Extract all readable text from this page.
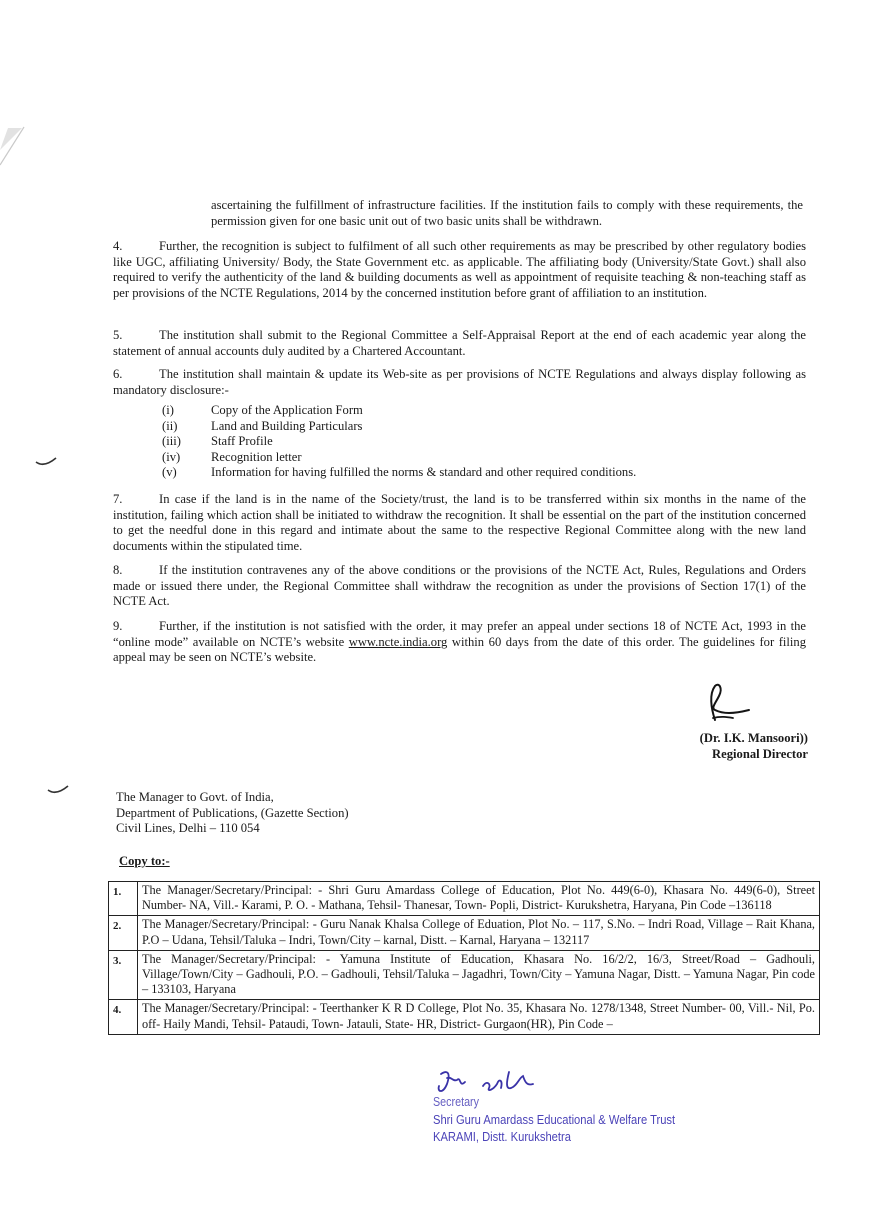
ascertaining the fulfillment of infrastructure facilities. If the institution fails to comply with these requirements, the permission given for one basic unit out of two basic units shall be withdrawn.
4.	Further, the recognition is subject to fulfilment of all such other requirements as may be prescribed by other regulatory bodies like UGC, affiliating University/ Body, the State Government etc. as applicable. The affiliating body (University/State Govt.) shall also required to verify the authenticity of the land & building documents as well as appointment of requisite teaching & non-teaching staff as per provisions of the NCTE Regulations, 2014 by the concerned institution before grant of affiliation to an institution.
5.	The institution shall submit to the Regional Committee a Self-Appraisal Report at the end of each academic year along the statement of annual accounts duly audited by a Chartered Accountant.
6.	The institution shall maintain & update its Web-site as per provisions of NCTE Regulations and always display following as mandatory disclosure:-
(i)	Copy of the Application Form
(ii)	Land and Building Particulars
(iii)	Staff Profile
(iv)	Recognition letter
(v)	Information for having fulfilled the norms & standard and other required conditions.
7.	In case if the land is in the name of the Society/trust, the land is to be transferred within six months in the name of the institution, failing which action shall be initiated to withdraw the recognition. It shall be essential on the part of the institution concerned to get the needful done in this regard and intimate about the same to the respective Regional Committee along with the new land documents within the stipulated time.
8.	If the institution contravenes any of the above conditions or the provisions of the NCTE Act, Rules, Regulations and Orders made or issued there under, the Regional Committee shall withdraw the recognition as under the provisions of Section 17(1) of the NCTE Act.
9.	Further, if the institution is not satisfied with the order, it may prefer an appeal under sections 18 of NCTE Act, 1993 in the “online mode” available on NCTE’s website www.ncte.india.org within 60 days from the date of this order. The guidelines for filing appeal may be seen on NCTE’s website.
(Dr. I.K. Mansoori))
Regional Director
The Manager to Govt. of India,
Department of Publications, (Gazette Section)
Civil Lines, Delhi – 110 054
Copy to:-
1.	The Manager/Secretary/Principal: - Shri Guru Amardass College of Education, Plot No. 449(6-0), Khasara No. 449(6-0), Street Number- NA, Vill.- Karami, P. O. - Mathana, Tehsil- Thanesar, Town- Popli, District- Kurukshetra, Haryana, Pin Code –136118
2.	The Manager/Secretary/Principal: - Guru Nanak Khalsa College of Eduation, Plot No. – 117, S.No. – Indri Road, Village – Rait Khana, P.O – Udana, Tehsil/Taluka – Indri, Town/City – karnal, Distt. – Karnal, Haryana – 132117
3.	The Manager/Secretary/Principal: - Yamuna Institute of Education, Khasara No. 16/2/2, 16/3, Street/Road – Gadhouli, Village/Town/City – Gadhouli, P.O. – Gadhouli, Tehsil/Taluka – Jagadhri, Town/City – Yamuna Nagar, Distt. – Yamuna Nagar, Pin code – 133103, Haryana
4.	The Manager/Secretary/Principal: - Teerthanker K R D College, Plot No. 35, Khasara No. 1278/1348, Street Number- 00, Vill.- Nil, Po. off- Haily Mandi, Tehsil- Pataudi, Town- Jatauli, State- HR, District- Gurgaon(HR), Pin Code –
Secretary
Shri Guru Amardass Educational & Welfare Trust
KARAMI, Distt. Kurukshetra
